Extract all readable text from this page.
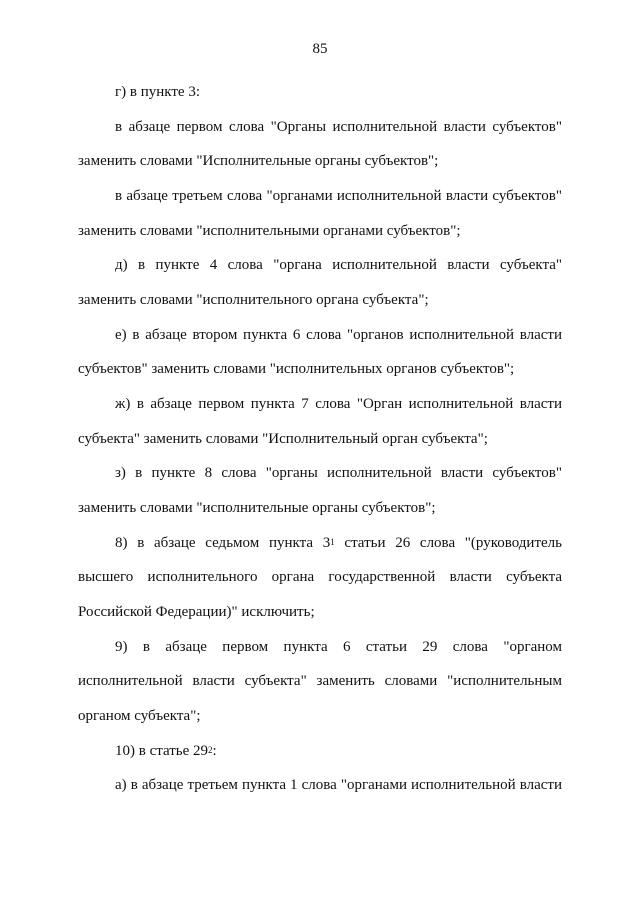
85
г) в пункте 3:
в абзаце первом слова "Органы исполнительной власти субъектов"
заменить словами "Исполнительные органы субъектов";
в абзаце третьем слова "органами исполнительной власти субъектов"
заменить словами "исполнительными органами субъектов";
д) в пункте 4 слова "органа исполнительной власти субъекта"
заменить словами "исполнительного органа субъекта";
е) в абзаце втором пункта 6 слова "органов исполнительной власти
субъектов" заменить словами "исполнительных органов субъектов";
ж) в абзаце первом пункта 7 слова "Орган исполнительной власти
субъекта" заменить словами "Исполнительный орган субъекта";
з) в пункте 8 слова "органы исполнительной власти субъектов"
заменить словами "исполнительные органы субъектов";
8) в абзаце седьмом пункта $3^1$ статьи 26 слова "(руководитель
высшего исполнительного органа государственной власти субъекта
Российской Федерации)" исключить;
9) в абзаце первом пункта 6 статьи 29 слова "органом
исполнительной власти субъекта" заменить словами "исполнительным
органом субъекта";
10) в статье $29^2$:
а) в абзаце третьем пункта 1 слова "органами исполнительной власти
